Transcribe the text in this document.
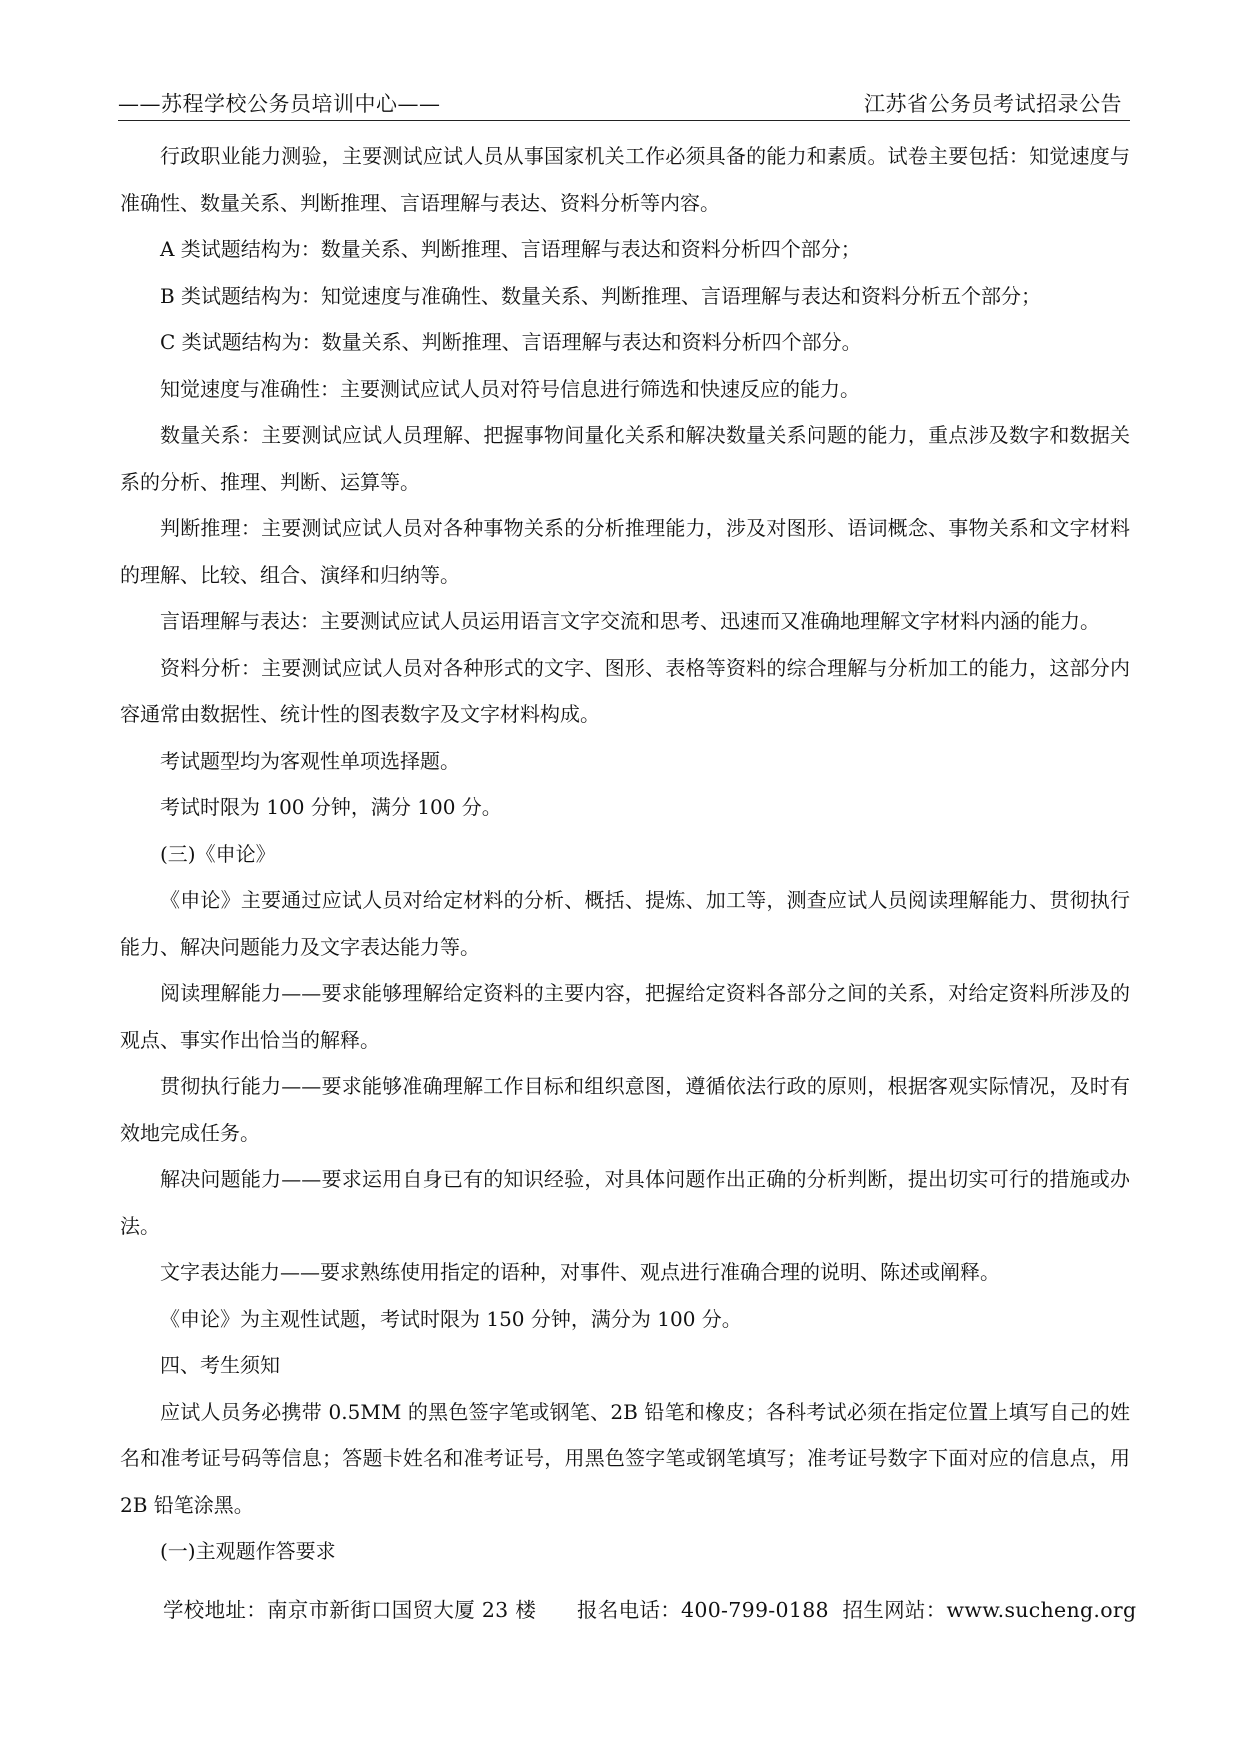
——苏程学校公务员培训中心——	江苏省公务员考试招录公告

行政职业能力测验，主要测试应试人员从事国家机关工作必须具备的能力和素质。试卷主要包括：知觉速度与准确性、数量关系、判断推理、言语理解与表达、资料分析等内容。

A 类试题结构为：数量关系、判断推理、言语理解与表达和资料分析四个部分；

B 类试题结构为：知觉速度与准确性、数量关系、判断推理、言语理解与表达和资料分析五个部分；

C 类试题结构为：数量关系、判断推理、言语理解与表达和资料分析四个部分。

知觉速度与准确性：主要测试应试人员对符号信息进行筛选和快速反应的能力。

数量关系：主要测试应试人员理解、把握事物间量化关系和解决数量关系问题的能力，重点涉及数字和数据关系的分析、推理、判断、运算等。

判断推理：主要测试应试人员对各种事物关系的分析推理能力，涉及对图形、语词概念、事物关系和文字材料的理解、比较、组合、演绎和归纳等。

言语理解与表达：主要测试应试人员运用语言文字交流和思考、迅速而又准确地理解文字材料内涵的能力。

资料分析：主要测试应试人员对各种形式的文字、图形、表格等资料的综合理解与分析加工的能力，这部分内容通常由数据性、统计性的图表数字及文字材料构成。

考试题型均为客观性单项选择题。

考试时限为 100 分钟，满分 100 分。

(三)《申论》

《申论》主要通过应试人员对给定材料的分析、概括、提炼、加工等，测查应试人员阅读理解能力、贯彻执行能力、解决问题能力及文字表达能力等。

阅读理解能力——要求能够理解给定资料的主要内容，把握给定资料各部分之间的关系，对给定资料所涉及的观点、事实作出恰当的解释。

贯彻执行能力——要求能够准确理解工作目标和组织意图，遵循依法行政的原则，根据客观实际情况，及时有效地完成任务。

解决问题能力——要求运用自身已有的知识经验，对具体问题作出正确的分析判断，提出切实可行的措施或办法。

文字表达能力——要求熟练使用指定的语种，对事件、观点进行准确合理的说明、陈述或阐释。

《申论》为主观性试题，考试时限为 150 分钟，满分为 100 分。

四、考生须知

应试人员务必携带 0.5MM 的黑色签字笔或钢笔、2B 铅笔和橡皮；各科考试必须在指定位置上填写自己的姓名和准考证号码等信息；答题卡姓名和准考证号，用黑色签字笔或钢笔填写；准考证号数字下面对应的信息点，用 2B 铅笔涂黑。

(一)主观题作答要求

学校地址：南京市新街口国贸大厦 23 楼      报名电话：400-799-0188  招生网站：www.sucheng.org
